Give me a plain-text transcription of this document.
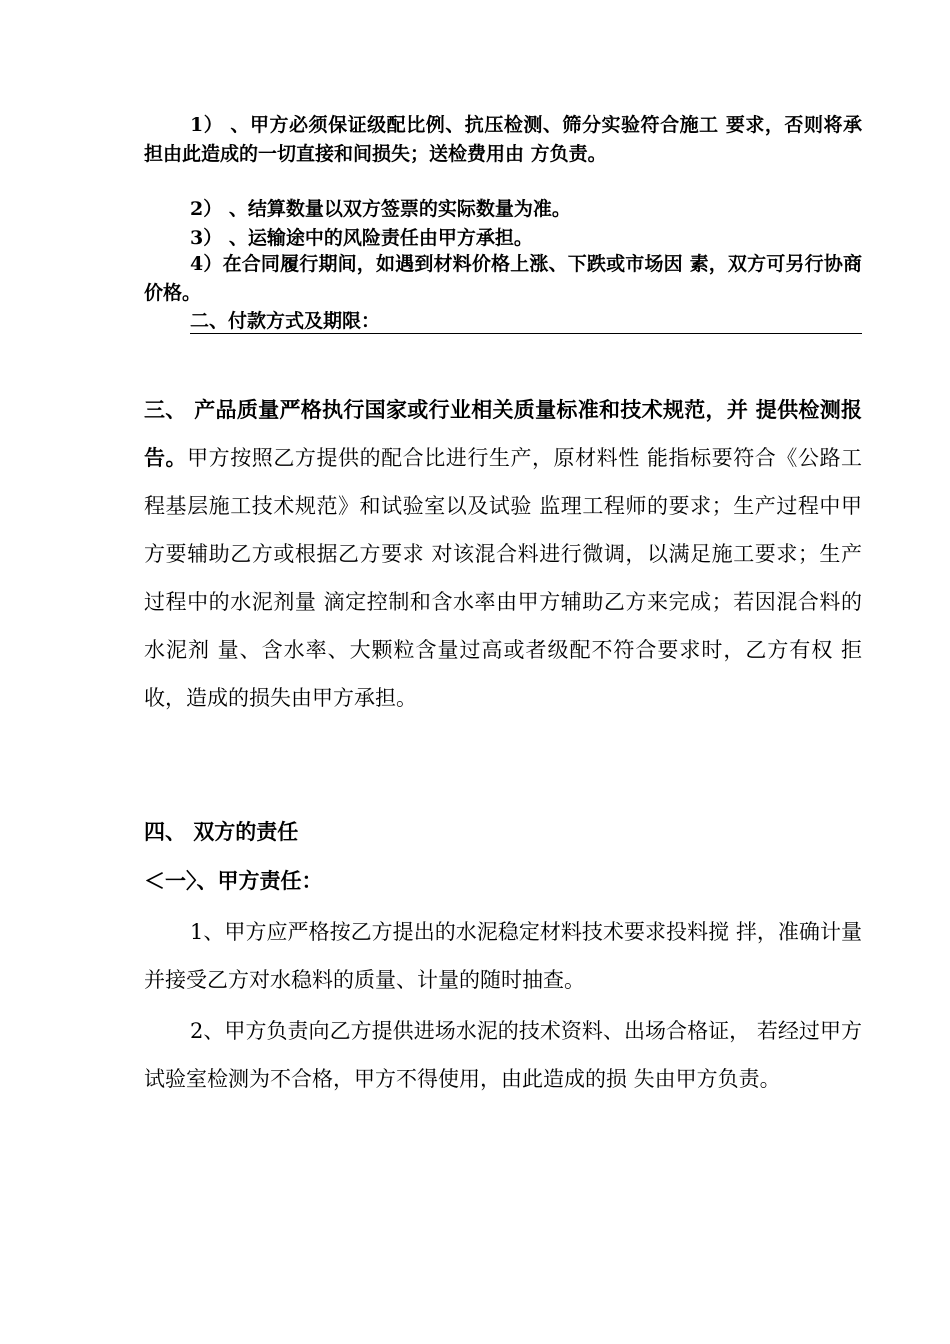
1） 、甲方必须保证级配比例、抗压检测、筛分实验符合施工 要求，否则将承担由此造成的一切直接和间损失；送检费用由 方负责。

2） 、结算数量以双方签票的实际数量为准。

3） 、运输途中的风险责任由甲方承担。

4）在合同履行期间，如遇到材料价格上涨、下跌或市场因 素，双方可另行协商价格。

二、付款方式及期限：

三、 产品质量严格执行国家或行业相关质量标准和技术规范，并 提供检测报告。甲方按照乙方提供的配合比进行生产，原材料性 能指标要符合《公路工程基层施工技术规范》和试验室以及试验 监理工程师的要求；生产过程中甲方要辅助乙方或根据乙方要求 对该混合料进行微调，以满足施工要求；生产过程中的水泥剂量 滴定控制和含水率由甲方辅助乙方来完成；若因混合料的水泥剂 量、含水率、大颗粒含量过高或者级配不符合要求时，乙方有权 拒收，造成的损失由甲方承担。

四、 双方的责任

＜一〉、甲方责任：

1、甲方应严格按乙方提出的水泥稳定材料技术要求投料搅 拌，准确计量并接受乙方对水稳料的质量、计量的随时抽查。

2、甲方负责向乙方提供进场水泥的技术资料、出场合格证， 若经过甲方试验室检测为不合格，甲方不得使用，由此造成的损 失由甲方负责。
